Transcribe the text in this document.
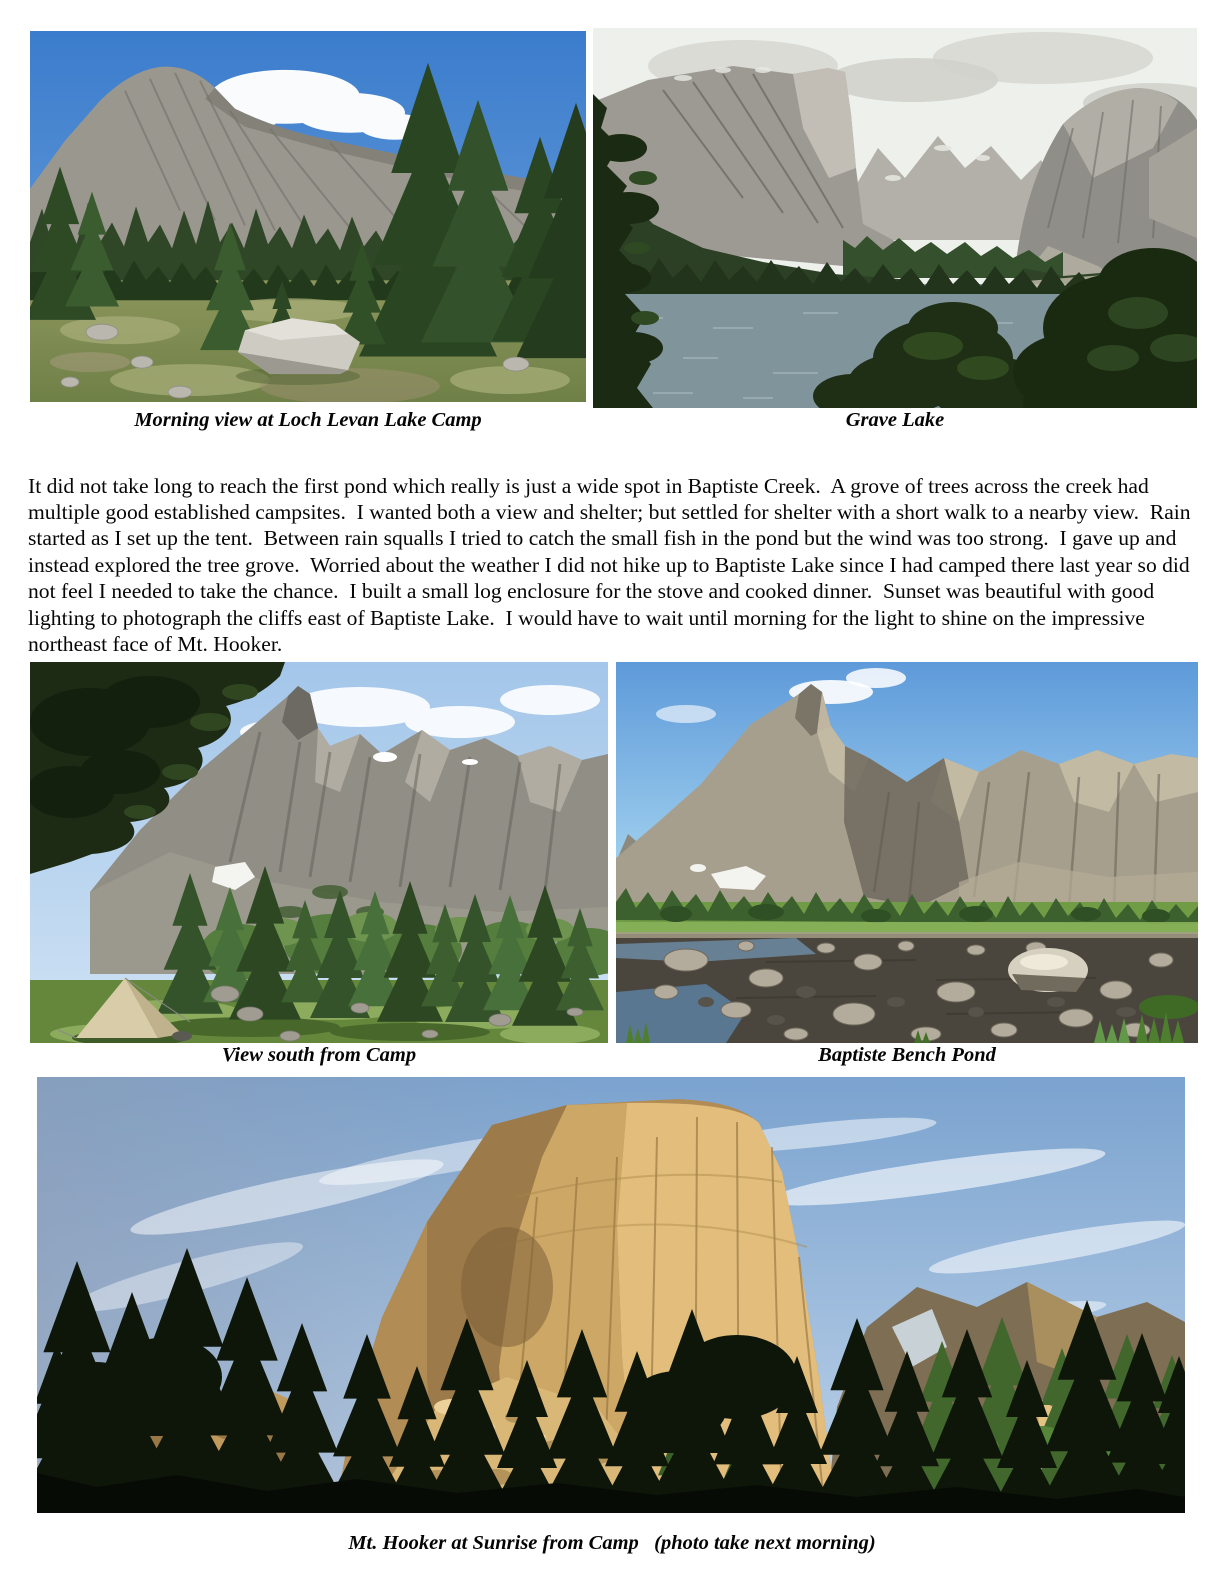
Morning view at Loch Levan Lake Camp	Grave Lake

It did not take long to reach the first pond which really is just a wide spot in Baptiste Creek.  A grove of trees across the creek had multiple good established campsites.  I wanted both a view and shelter; but settled for shelter with a short walk to a nearby view.  Rain started as I set up the tent.  Between rain squalls I tried to catch the small fish in the pond but the wind was too strong.  I gave up and instead explored the tree grove.  Worried about the weather I did not hike up to Baptiste Lake since I had camped there last year so did not feel I needed to take the chance.  I built a small log enclosure for the stove and cooked dinner.  Sunset was beautiful with good lighting to photograph the cliffs east of Baptiste Lake.  I would have to wait until morning for the light to shine on the impressive northeast face of Mt. Hooker.

View south from Camp	Baptiste Bench Pond
Mt. Hooker at Sunrise from Camp   (photo take next morning)
